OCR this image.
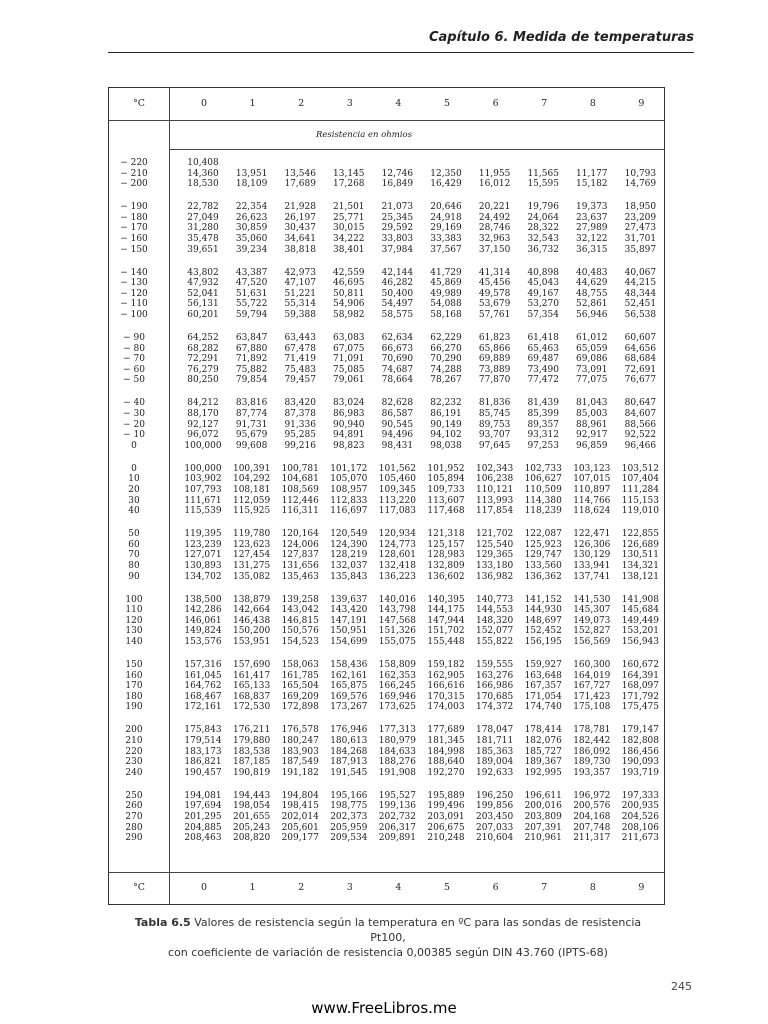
Capítulo 6. Medida de temperaturas
°C	0	1	2	3	4	5	6	7	8	9
Resistencia en ohmios
− 220	10,408
− 210	14,360	13,951	13,546	13,145	12,746	12,350	11,955	11,565	11,177	10,793
− 200	18,530	18,109	17,689	17,268	16,849	16,429	16,012	15,595	15,182	14,769
− 190	22,782	22,354	21,928	21,501	21,073	20,646	20,221	19,796	19,373	18,950
− 180	27,049	26,623	26,197	25,771	25,345	24,918	24,492	24,064	23,637	23,209
− 170	31,280	30,859	30,437	30,015	29,592	29,169	28,746	28,322	27,989	27,473
− 160	35,478	35,060	34,641	34,222	33,803	33,383	32,963	32,543	32,122	31,701
− 150	39,651	39,234	38,818	38,401	37,984	37,567	37,150	36,732	36,315	35,897
− 140	43,802	43,387	42,973	42,559	42,144	41,729	41,314	40,898	40,483	40,067
− 130	47,932	47,520	47,107	46,695	46,282	45,869	45,456	45,043	44,629	44,215
− 120	52,041	51,631	51,221	50,811	50,400	49,989	49,578	49,167	48,755	48,344
− 110	56,131	55,722	55,314	54,906	54,497	54,088	53,679	53,270	52,861	52,451
− 100	60,201	59,794	59,388	58,982	58,575	58,168	57,761	57,354	56,946	56,538
− 90	64,252	63,847	63,443	63,083	62,634	62,229	61,823	61,418	61,012	60,607
− 80	68,282	67,880	67,478	67,075	66,673	66,270	65,866	65,463	65,059	64,656
− 70	72,291	71,892	71,419	71,091	70,690	70,290	69,889	69,487	69,086	68,684
− 60	76,279	75,882	75,483	75,085	74,687	74,288	73,889	73,490	73,091	72,691
− 50	80,250	79,854	79,457	79,061	78,664	78,267	77,870	77,472	77,075	76,677
− 40	84,212	83,816	83,420	83,024	82,628	82,232	81,836	81,439	81,043	80,647
− 30	88,170	87,774	87,378	86,983	86,587	86,191	85,745	85,399	85,003	84,607
− 20	92,127	91,731	91,336	90,940	90,545	90,149	89,753	89,357	88,961	88,566
− 10	96,072	95,679	95,285	94,891	94,496	94,102	93,707	93,312	92,917	92,522
0	100,000	99,608	99,216	98,823	98,431	98,038	97,645	97,253	96,859	96,466
0	100,000	100,391	100,781	101,172	101,562	101,952	102,343	102,733	103,123	103,512
10	103,902	104,292	104,681	105,070	105,460	105,894	106,238	106,627	107,015	107,404
20	107,793	108,181	108,569	108,957	109,345	109,733	110,121	110,509	110,897	111,284
30	111,671	112,059	112,446	112,833	113,220	113,607	113,993	114,380	114,766	115,153
40	115,539	115,925	116,311	116,697	117,083	117,468	117,854	118,239	118,624	119,010
50	119,395	119,780	120,164	120,549	120,934	121,318	121,702	122,087	122,471	122,855
60	123,239	123,623	124,006	124,390	124,773	125,157	125,540	125,923	126,306	126,689
70	127,071	127,454	127,837	128,219	128,601	128,983	129,365	129,747	130,129	130,511
80	130,893	131,275	131,656	132,037	132,418	132,809	133,180	133,560	133,941	134,321
90	134,702	135,082	135,463	135,843	136,223	136,602	136,982	136,362	137,741	138,121
100	138,500	138,879	139,258	139,637	140,016	140,395	140,773	141,152	141,530	141,908
110	142,286	142,664	143,042	143,420	143,798	144,175	144,553	144,930	145,307	145,684
120	146,061	146,438	146,815	147,191	147,568	147,944	148,320	148,697	149,073	149,449
130	149,824	150,200	150,576	150,951	151,326	151,702	152,077	152,452	152,827	153,201
140	153,576	153,951	154,523	154,699	155,075	155,448	155,822	156,195	156,569	156,943
150	157,316	157,690	158,063	158,436	158,809	159,182	159,555	159,927	160,300	160,672
160	161,045	161,417	161,785	162,161	162,353	162,905	163,276	163,648	164,019	164,391
170	164,762	165,133	165,504	165,875	166,245	166,616	166,986	167,357	167,727	168,097
180	168,467	168,837	169,209	169,576	169,946	170,315	170,685	171,054	171,423	171,792
190	172,161	172,530	172,898	173,267	173,625	174,003	174,372	174,740	175,108	175,475
200	175,843	176,211	176,578	176,946	177,313	177,689	178,047	178,414	178,781	179,147
210	179,514	179,880	180,247	180,613	180,979	181,345	181,711	182,076	182,442	182,808
220	183,173	183,538	183,903	184,268	184,633	184,998	185,363	185,727	186,092	186,456
230	186,821	187,185	187,549	187,913	188,276	188,640	189,004	189,367	189,730	190,093
240	190,457	190,819	191,182	191,545	191,908	192,270	192,633	192,995	193,357	193,719
250	194,081	194,443	194,804	195,166	195,527	195,889	196,250	196,611	196,972	197,333
260	197,694	198,054	198,415	198,775	199,136	199,496	199,856	200,016	200,576	200,935
270	201,295	201,655	202,014	202,373	202,732	203,091	203,450	203,809	204,168	204,526
280	204,885	205,243	205,601	205,959	206,317	206,675	207,033	207,391	207,748	208,106
290	208,463	208,820	209,177	209,534	209,891	210,248	210,604	210,961	211,317	211,673
°C	0	1	2	3	4	5	6	7	8	9
Tabla 6.5 Valores de resistencia según la temperatura en ºC para las sondas de resistencia Pt100,
con coeficiente de variación de resistencia 0,00385 según DIN 43.760 (IPTS-68)
245
www.FreeLibros.me
